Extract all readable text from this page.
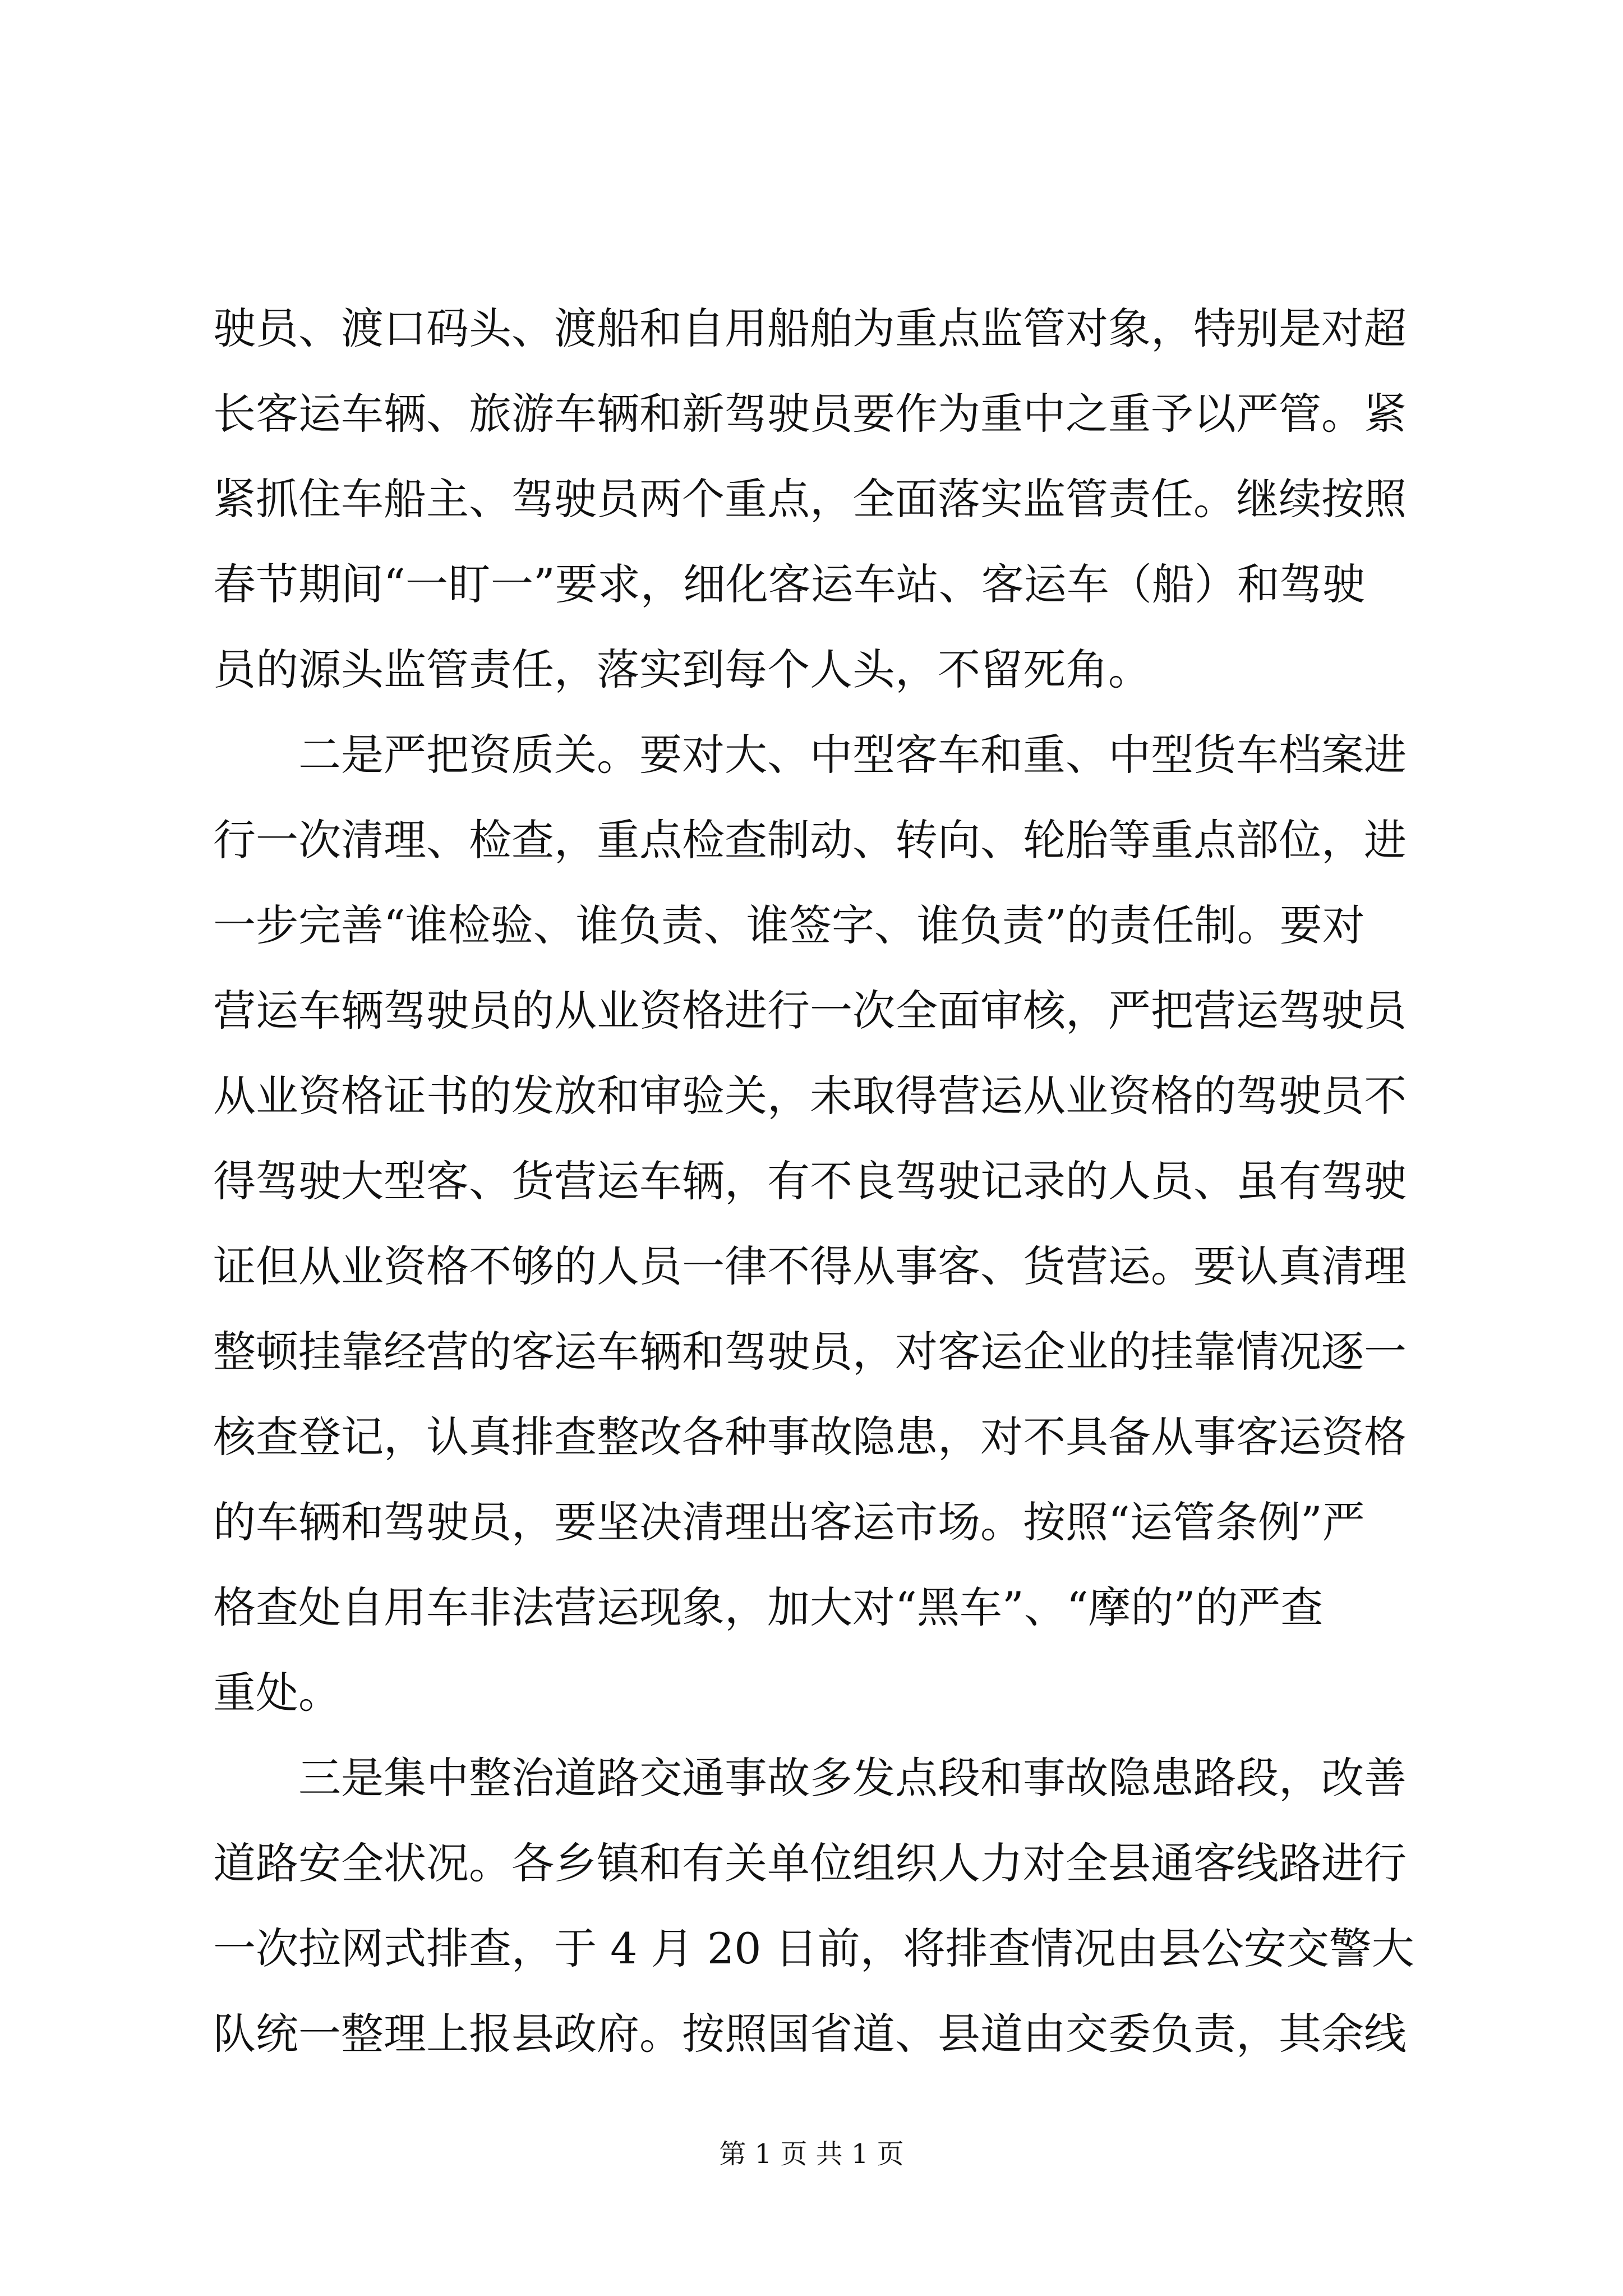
驶员、渡口码头、渡船和自用船舶为重点监管对象，特别是对超
长客运车辆、旅游车辆和新驾驶员要作为重中之重予以严管。紧
紧抓住车船主、驾驶员两个重点，全面落实监管责任。继续按照
春节期间“一盯一”要求，细化客运车站、客运车（船）和驾驶
员的源头监管责任，落实到每个人头，不留死角。
二是严把资质关。要对大、中型客车和重、中型货车档案进
行一次清理、检查，重点检查制动、转向、轮胎等重点部位，进
一步完善“谁检验、谁负责、谁签字、谁负责”的责任制。要对
营运车辆驾驶员的从业资格进行一次全面审核，严把营运驾驶员
从业资格证书的发放和审验关，未取得营运从业资格的驾驶员不
得驾驶大型客、货营运车辆，有不良驾驶记录的人员、虽有驾驶
证但从业资格不够的人员一律不得从事客、货营运。要认真清理
整顿挂靠经营的客运车辆和驾驶员，对客运企业的挂靠情况逐一
核查登记，认真排查整改各种事故隐患，对不具备从事客运资格
的车辆和驾驶员，要坚决清理出客运市场。按照“运管条例”严
格查处自用车非法营运现象，加大对“黑车”、“摩的”的严查
重处。
三是集中整治道路交通事故多发点段和事故隐患路段，改善
道路安全状况。各乡镇和有关单位组织人力对全县通客线路进行
一次拉网式排查，于 4 月 20 日前，将排查情况由县公安交警大
队统一整理上报县政府。按照国省道、县道由交委负责，其余线
第 1 页 共 1 页
